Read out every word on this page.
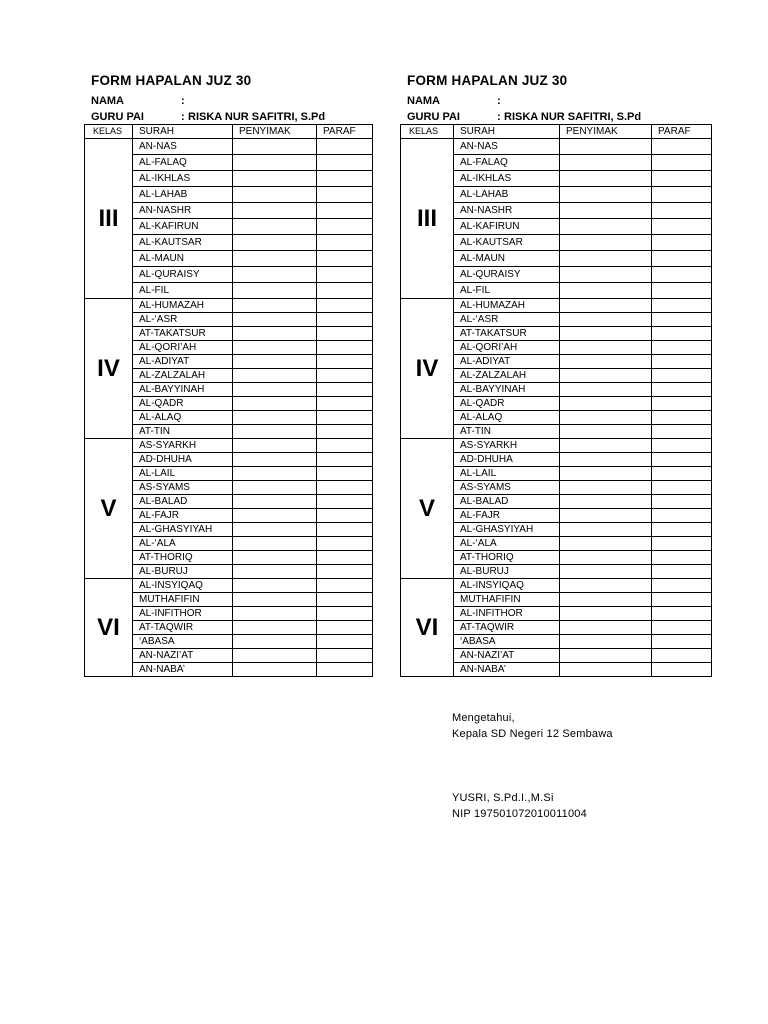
FORM HAPALAN JUZ 30
NAMA	:
GURU PAI	: RISKA NUR SAFITRI, S.Pd
KELAS	SURAH	PENYIMAK	PARAF
III	AN-NAS		
	AL-FALAQ		
	AL-IKHLAS		
	AL-LAHAB		
	AN-NASHR		
	AL-KAFIRUN		
	AL-KAUTSAR		
	AL-MAUN		
	AL-QURAISY		
	AL-FIL		
IV	AL-HUMAZAH		
	AL-‘ASR		
	AT-TAKATSUR		
	AL-QORI’AH		
	AL-ADIYAT		
	AL-ZALZALAH		
	AL-BAYYINAH		
	AL-QADR		
	AL-ALAQ		
	AT-TIN		
V	AS-SYARKH		
	AD-DHUHA		
	AL-LAIL		
	AS-SYAMS		
	AL-BALAD		
	AL-FAJR		
	AL-GHASYIYAH		
	AL-‘ALA		
	AT-THORIQ		
	AL-BURUJ		
VI	AL-INSYIQAQ		
	MUTHAFIFIN		
	AL-INFITHOR		
	AT-TAQWIR		
	‘ABASA		
	AN-NAZI’AT		
	AN-NABA’		
FORM HAPALAN JUZ 30
NAMA	:
GURU PAI	: RISKA NUR SAFITRI, S.Pd
KELAS	SURAH	PENYIMAK	PARAF
III	AN-NAS		
	AL-FALAQ		
	AL-IKHLAS		
	AL-LAHAB		
	AN-NASHR		
	AL-KAFIRUN		
	AL-KAUTSAR		
	AL-MAUN		
	AL-QURAISY		
	AL-FIL		
IV	AL-HUMAZAH		
	AL-‘ASR		
	AT-TAKATSUR		
	AL-QORI’AH		
	AL-ADIYAT		
	AL-ZALZALAH		
	AL-BAYYINAH		
	AL-QADR		
	AL-ALAQ		
	AT-TIN		
V	AS-SYARKH		
	AD-DHUHA		
	AL-LAIL		
	AS-SYAMS		
	AL-BALAD		
	AL-FAJR		
	AL-GHASYIYAH		
	AL-‘ALA		
	AT-THORIQ		
	AL-BURUJ		
VI	AL-INSYIQAQ		
	MUTHAFIFIN		
	AL-INFITHOR		
	AT-TAQWIR		
	‘ABASA		
	AN-NAZI’AT		
	AN-NABA’		
Mengetahui,
Kepala SD Negeri 12 Sembawa
YUSRI, S.Pd.I.,M.Si
NIP 197501072010011004
